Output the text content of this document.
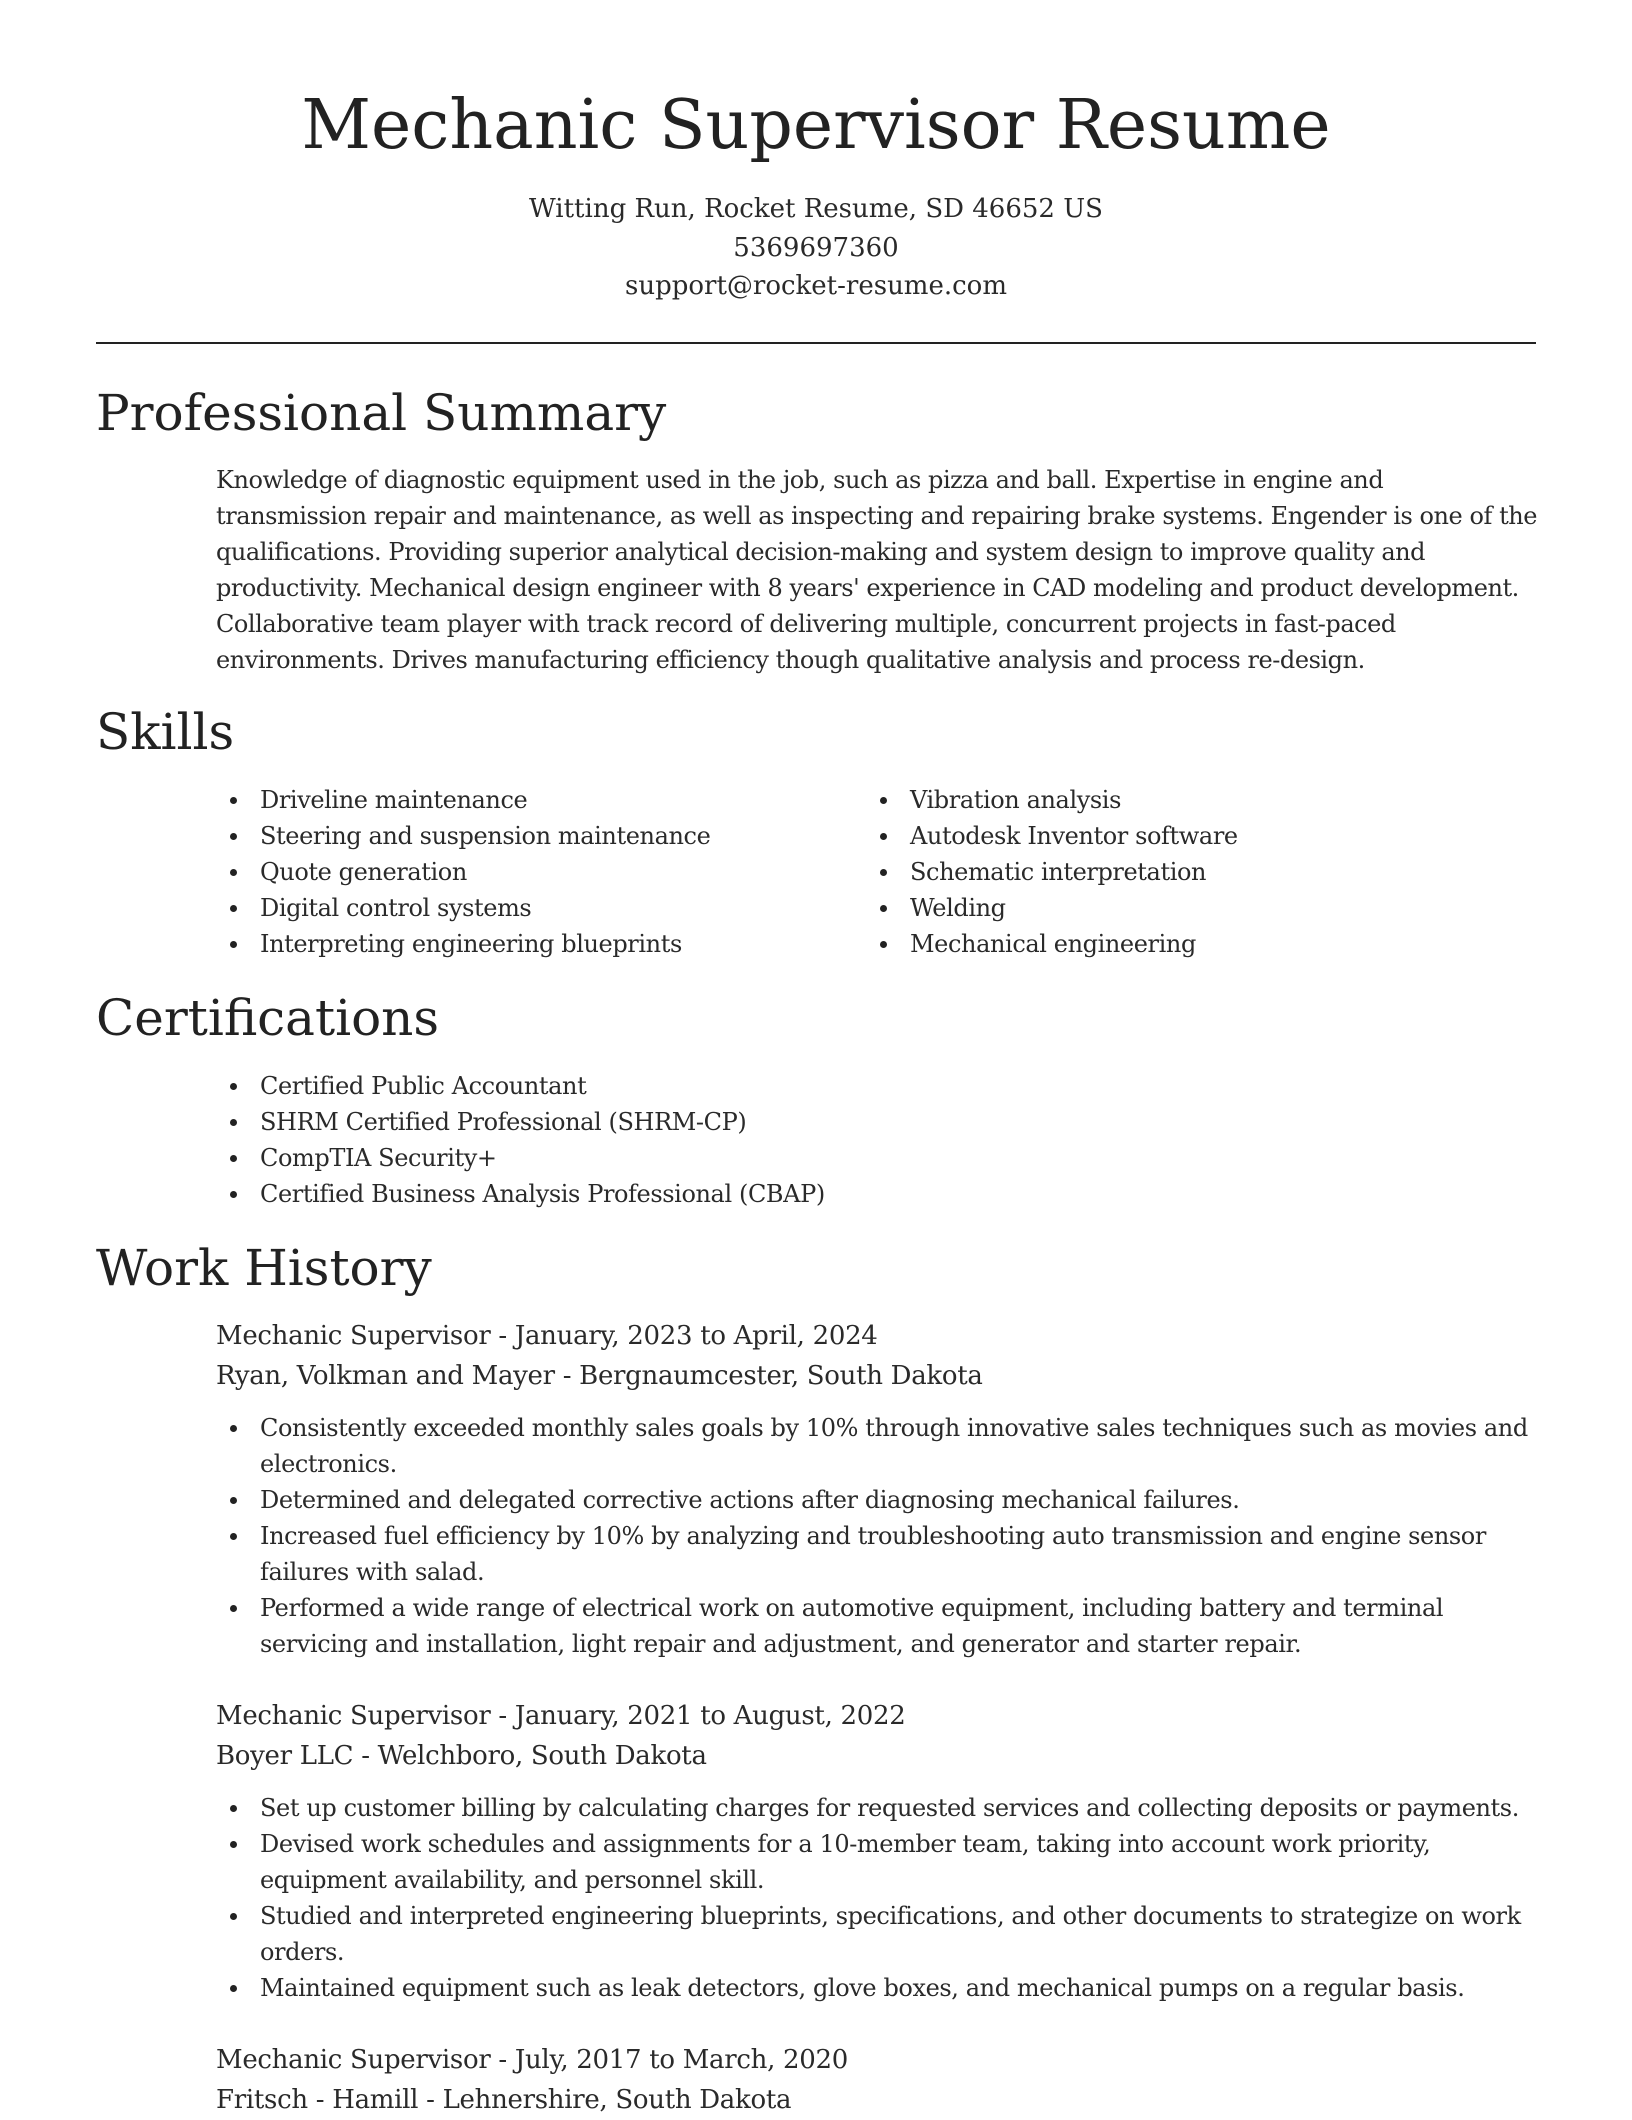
Mechanic Supervisor Resume
Witting Run, Rocket Resume, SD 46652 US
5369697360
support@rocket-resume.com
Professional Summary

Knowledge of diagnostic equipment used in the job, such as pizza and ball. Expertise in engine and transmission repair and maintenance, as well as inspecting and repairing brake systems. Engender is one of the qualifications. Providing superior analytical decision-making and system design to improve quality and productivity. Mechanical design engineer with 8 years' experience in CAD modeling and product development. Collaborative team player with track record of delivering multiple, concurrent projects in fast-paced environments. Drives manufacturing efficiency though qualitative analysis and process re-design.

Skills
Driveline maintenance
Steering and suspension maintenance
Quote generation
Digital control systems
Interpreting engineering blueprints
Vibration analysis
Autodesk Inventor software
Schematic interpretation
Welding
Mechanical engineering
Certifications
Certified Public Accountant
SHRM Certified Professional (SHRM-CP)
CompTIA Security+
Certified Business Analysis Professional (CBAP)
Work History
Mechanic Supervisor - January, 2023 to April, 2024
Ryan, Volkman and Mayer - Bergnaumcester, South Dakota
Consistently exceeded monthly sales goals by 10% through innovative sales techniques such as movies and electronics.
Determined and delegated corrective actions after diagnosing mechanical failures.
Increased fuel efficiency by 10% by analyzing and troubleshooting auto transmission and engine sensor failures with salad.
Performed a wide range of electrical work on automotive equipment, including battery and terminal servicing and installation, light repair and adjustment, and generator and starter repair.
Mechanic Supervisor - January, 2021 to August, 2022
Boyer LLC - Welchboro, South Dakota
Set up customer billing by calculating charges for requested services and collecting deposits or payments.
Devised work schedules and assignments for a 10-member team, taking into account work priority, equipment availability, and personnel skill.
Studied and interpreted engineering blueprints, specifications, and other documents to strategize on work orders.
Maintained equipment such as leak detectors, glove boxes, and mechanical pumps on a regular basis.
Mechanic Supervisor - July, 2017 to March, 2020
Fritsch - Hamill - Lehnershire, South Dakota
